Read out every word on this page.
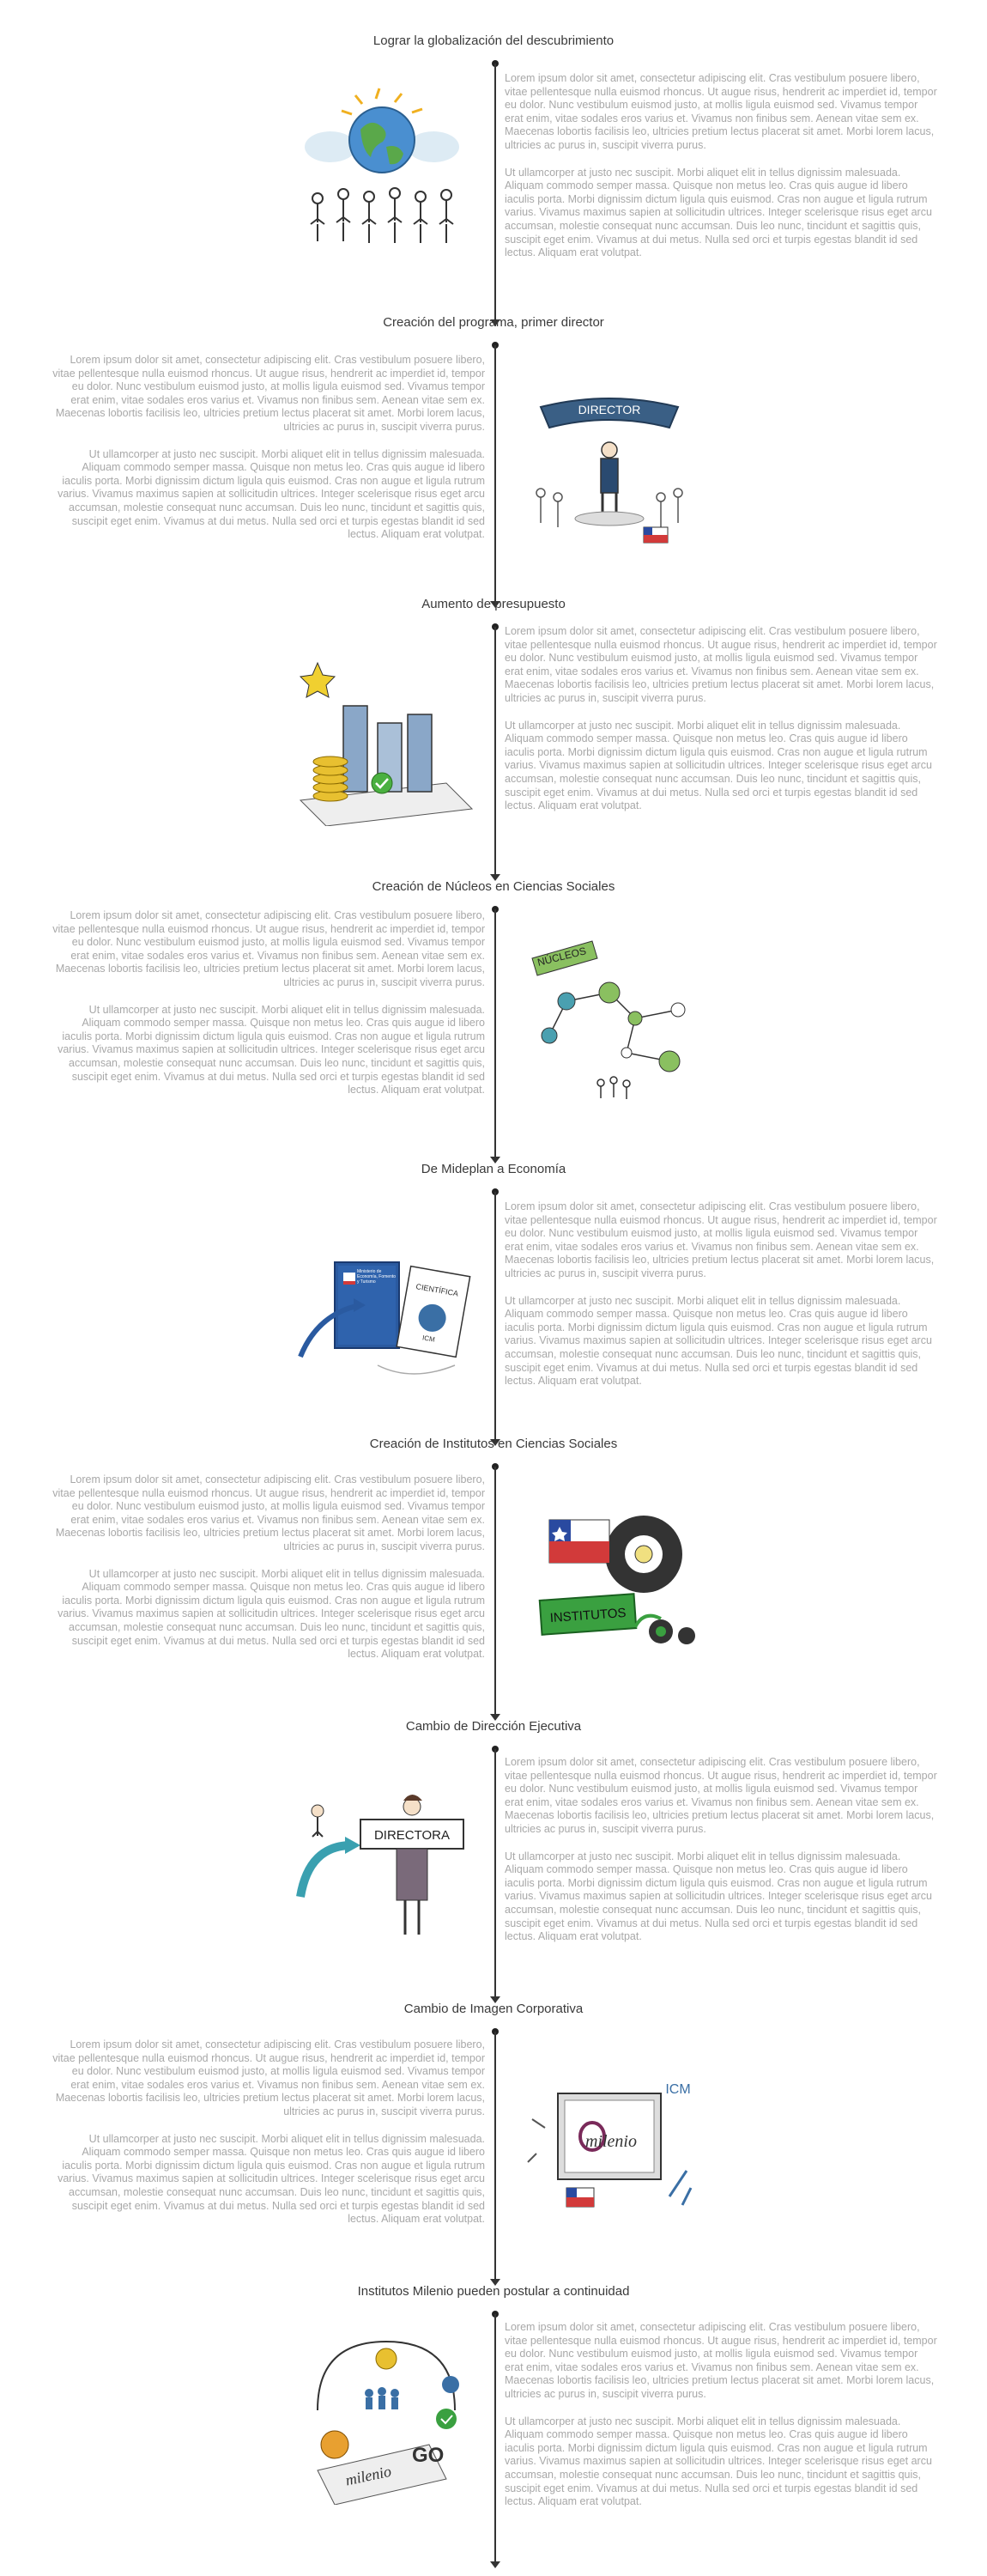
Lograr la globalización del descubrimiento

Lorem ipsum dolor sit amet, consectetur adipiscing elit. Cras vestibulum posuere libero, vitae pellentesque nulla euismod rhoncus. Ut augue risus, hendrerit ac imperdiet id, tempor eu dolor. Nunc vestibulum euismod justo, at mollis ligula euismod sed. Vivamus tempor erat enim, vitae sodales eros varius et. Vivamus non finibus sem. Aenean vitae sem ex. Maecenas lobortis facilisis leo, ultricies pretium lectus placerat sit amet. Morbi lorem lacus, ultricies ac purus in, suscipit viverra purus.

Ut ullamcorper at justo nec suscipit. Morbi aliquet elit in tellus dignissim malesuada. Aliquam commodo semper massa. Quisque non metus leo. Cras quis augue id libero iaculis porta. Morbi dignissim dictum ligula quis euismod. Cras non augue et ligula rutrum varius. Vivamus maximus sapien at sollicitudin ultrices. Integer scelerisque risus eget arcu accumsan, molestie consequat nunc accumsan. Duis leo nunc, tincidunt et sagittis quis, suscipit eget enim. Vivamus at dui metus. Nulla sed orci et turpis egestas blandit id sed lectus. Aliquam erat volutpat.

Creación del programa, primer director

Lorem ipsum dolor sit amet, consectetur adipiscing elit. Cras vestibulum posuere libero, vitae pellentesque nulla euismod rhoncus. Ut augue risus, hendrerit ac imperdiet id, tempor eu dolor. Nunc vestibulum euismod justo, at mollis ligula euismod sed. Vivamus tempor erat enim, vitae sodales eros varius et. Vivamus non finibus sem. Aenean vitae sem ex. Maecenas lobortis facilisis leo, ultricies pretium lectus placerat sit amet. Morbi lorem lacus, ultricies ac purus in, suscipit viverra purus.

Ut ullamcorper at justo nec suscipit. Morbi aliquet elit in tellus dignissim malesuada. Aliquam commodo semper massa. Quisque non metus leo. Cras quis augue id libero iaculis porta. Morbi dignissim dictum ligula quis euismod. Cras non augue et ligula rutrum varius. Vivamus maximus sapien at sollicitudin ultrices. Integer scelerisque risus eget arcu accumsan, molestie consequat nunc accumsan. Duis leo nunc, tincidunt et sagittis quis, suscipit eget enim. Vivamus at dui metus. Nulla sed orci et turpis egestas blandit id sed lectus. Aliquam erat volutpat.

DIRECTOR
Aumento de presupuesto

Lorem ipsum dolor sit amet, consectetur adipiscing elit. Cras vestibulum posuere libero, vitae pellentesque nulla euismod rhoncus. Ut augue risus, hendrerit ac imperdiet id, tempor eu dolor. Nunc vestibulum euismod justo, at mollis ligula euismod sed. Vivamus tempor erat enim, vitae sodales eros varius et. Vivamus non finibus sem. Aenean vitae sem ex. Maecenas lobortis facilisis leo, ultricies pretium lectus placerat sit amet. Morbi lorem lacus, ultricies ac purus in, suscipit viverra purus.

Ut ullamcorper at justo nec suscipit. Morbi aliquet elit in tellus dignissim malesuada. Aliquam commodo semper massa. Quisque non metus leo. Cras quis augue id libero iaculis porta. Morbi dignissim dictum ligula quis euismod. Cras non augue et ligula rutrum varius. Vivamus maximus sapien at sollicitudin ultrices. Integer scelerisque risus eget arcu accumsan, molestie consequat nunc accumsan. Duis leo nunc, tincidunt et sagittis quis, suscipit eget enim. Vivamus at dui metus. Nulla sed orci et turpis egestas blandit id sed lectus. Aliquam erat volutpat.

Creación de Núcleos en Ciencias Sociales

Lorem ipsum dolor sit amet, consectetur adipiscing elit. Cras vestibulum posuere libero, vitae pellentesque nulla euismod rhoncus. Ut augue risus, hendrerit ac imperdiet id, tempor eu dolor. Nunc vestibulum euismod justo, at mollis ligula euismod sed. Vivamus tempor erat enim, vitae sodales eros varius et. Vivamus non finibus sem. Aenean vitae sem ex. Maecenas lobortis facilisis leo, ultricies pretium lectus placerat sit amet. Morbi lorem lacus, ultricies ac purus in, suscipit viverra purus.

Ut ullamcorper at justo nec suscipit. Morbi aliquet elit in tellus dignissim malesuada. Aliquam commodo semper massa. Quisque non metus leo. Cras quis augue id libero iaculis porta. Morbi dignissim dictum ligula quis euismod. Cras non augue et ligula rutrum varius. Vivamus maximus sapien at sollicitudin ultrices. Integer scelerisque risus eget arcu accumsan, molestie consequat nunc accumsan. Duis leo nunc, tincidunt et sagittis quis, suscipit eget enim. Vivamus at dui metus. Nulla sed orci et turpis egestas blandit id sed lectus. Aliquam erat volutpat.

NÚCLEOS
De Mideplan a Economía
Ministerio de Economía, Fomento y Turismo
CIENTÍFICA
ICM

Lorem ipsum dolor sit amet, consectetur adipiscing elit. Cras vestibulum posuere libero, vitae pellentesque nulla euismod rhoncus. Ut augue risus, hendrerit ac imperdiet id, tempor eu dolor. Nunc vestibulum euismod justo, at mollis ligula euismod sed. Vivamus tempor erat enim, vitae sodales eros varius et. Vivamus non finibus sem. Aenean vitae sem ex. Maecenas lobortis facilisis leo, ultricies pretium lectus placerat sit amet. Morbi lorem lacus, ultricies ac purus in, suscipit viverra purus.

Ut ullamcorper at justo nec suscipit. Morbi aliquet elit in tellus dignissim malesuada. Aliquam commodo semper massa. Quisque non metus leo. Cras quis augue id libero iaculis porta. Morbi dignissim dictum ligula quis euismod. Cras non augue et ligula rutrum varius. Vivamus maximus sapien at sollicitudin ultrices. Integer scelerisque risus eget arcu accumsan, molestie consequat nunc accumsan. Duis leo nunc, tincidunt et sagittis quis, suscipit eget enim. Vivamus at dui metus. Nulla sed orci et turpis egestas blandit id sed lectus. Aliquam erat volutpat.

Creación de Institutos en Ciencias Sociales

Lorem ipsum dolor sit amet, consectetur adipiscing elit. Cras vestibulum posuere libero, vitae pellentesque nulla euismod rhoncus. Ut augue risus, hendrerit ac imperdiet id, tempor eu dolor. Nunc vestibulum euismod justo, at mollis ligula euismod sed. Vivamus tempor erat enim, vitae sodales eros varius et. Vivamus non finibus sem. Aenean vitae sem ex. Maecenas lobortis facilisis leo, ultricies pretium lectus placerat sit amet. Morbi lorem lacus, ultricies ac purus in, suscipit viverra purus.

Ut ullamcorper at justo nec suscipit. Morbi aliquet elit in tellus dignissim malesuada. Aliquam commodo semper massa. Quisque non metus leo. Cras quis augue id libero iaculis porta. Morbi dignissim dictum ligula quis euismod. Cras non augue et ligula rutrum varius. Vivamus maximus sapien at sollicitudin ultrices. Integer scelerisque risus eget arcu accumsan, molestie consequat nunc accumsan. Duis leo nunc, tincidunt et sagittis quis, suscipit eget enim. Vivamus at dui metus. Nulla sed orci et turpis egestas blandit id sed lectus. Aliquam erat volutpat.

INSTITUTOS
Cambio de Dirección Ejecutiva
DIRECTORA

Lorem ipsum dolor sit amet, consectetur adipiscing elit. Cras vestibulum posuere libero, vitae pellentesque nulla euismod rhoncus. Ut augue risus, hendrerit ac imperdiet id, tempor eu dolor. Nunc vestibulum euismod justo, at mollis ligula euismod sed. Vivamus tempor erat enim, vitae sodales eros varius et. Vivamus non finibus sem. Aenean vitae sem ex. Maecenas lobortis facilisis leo, ultricies pretium lectus placerat sit amet. Morbi lorem lacus, ultricies ac purus in, suscipit viverra purus.

Ut ullamcorper at justo nec suscipit. Morbi aliquet elit in tellus dignissim malesuada. Aliquam commodo semper massa. Quisque non metus leo. Cras quis augue id libero iaculis porta. Morbi dignissim dictum ligula quis euismod. Cras non augue et ligula rutrum varius. Vivamus maximus sapien at sollicitudin ultrices. Integer scelerisque risus eget arcu accumsan, molestie consequat nunc accumsan. Duis leo nunc, tincidunt et sagittis quis, suscipit eget enim. Vivamus at dui metus. Nulla sed orci et turpis egestas blandit id sed lectus. Aliquam erat volutpat.

Cambio de Imagen Corporativa

Lorem ipsum dolor sit amet, consectetur adipiscing elit. Cras vestibulum posuere libero, vitae pellentesque nulla euismod rhoncus. Ut augue risus, hendrerit ac imperdiet id, tempor eu dolor. Nunc vestibulum euismod justo, at mollis ligula euismod sed. Vivamus tempor erat enim, vitae sodales eros varius et. Vivamus non finibus sem. Aenean vitae sem ex. Maecenas lobortis facilisis leo, ultricies pretium lectus placerat sit amet. Morbi lorem lacus, ultricies ac purus in, suscipit viverra purus.

Ut ullamcorper at justo nec suscipit. Morbi aliquet elit in tellus dignissim malesuada. Aliquam commodo semper massa. Quisque non metus leo. Cras quis augue id libero iaculis porta. Morbi dignissim dictum ligula quis euismod. Cras non augue et ligula rutrum varius. Vivamus maximus sapien at sollicitudin ultrices. Integer scelerisque risus eget arcu accumsan, molestie consequat nunc accumsan. Duis leo nunc, tincidunt et sagittis quis, suscipit eget enim. Vivamus at dui metus. Nulla sed orci et turpis egestas blandit id sed lectus. Aliquam erat volutpat.

milenio
ICM
Institutos Milenio pueden postular a continuidad
milenio
GO

Lorem ipsum dolor sit amet, consectetur adipiscing elit. Cras vestibulum posuere libero, vitae pellentesque nulla euismod rhoncus. Ut augue risus, hendrerit ac imperdiet id, tempor eu dolor. Nunc vestibulum euismod justo, at mollis ligula euismod sed. Vivamus tempor erat enim, vitae sodales eros varius et. Vivamus non finibus sem. Aenean vitae sem ex. Maecenas lobortis facilisis leo, ultricies pretium lectus placerat sit amet. Morbi lorem lacus, ultricies ac purus in, suscipit viverra purus.

Ut ullamcorper at justo nec suscipit. Morbi aliquet elit in tellus dignissim malesuada. Aliquam commodo semper massa. Quisque non metus leo. Cras quis augue id libero iaculis porta. Morbi dignissim dictum ligula quis euismod. Cras non augue et ligula rutrum varius. Vivamus maximus sapien at sollicitudin ultrices. Integer scelerisque risus eget arcu accumsan, molestie consequat nunc accumsan. Duis leo nunc, tincidunt et sagittis quis, suscipit eget enim. Vivamus at dui metus. Nulla sed orci et turpis egestas blandit id sed lectus. Aliquam erat volutpat.
